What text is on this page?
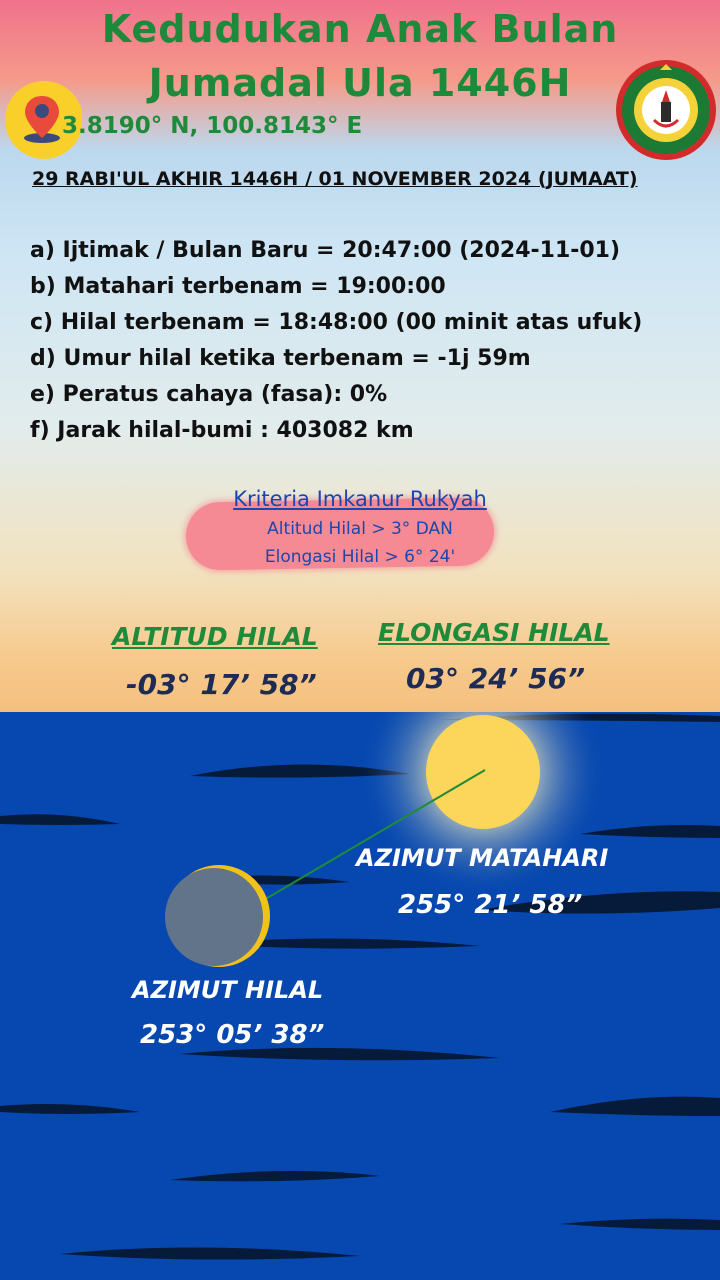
Kedudukan Anak Bulan
Jumadal Ula 1446H
3.8190° N, 100.8143° E
29 RABI'UL AKHIR 1446H / 01 NOVEMBER 2024 (JUMAAT)
a) Ijtimak / Bulan Baru = 20:47:00 (2024-11-01)
b) Matahari terbenam = 19:00:00
c) Hilal terbenam = 18:48:00 (00 minit atas ufuk)
d) Umur hilal ketika terbenam = -1j 59m
e) Peratus cahaya (fasa): 0%
f) Jarak hilal-bumi : 403082 km
Kriteria Imkanur Rukyah
Altitud Hilal > 3° DAN
Elongasi Hilal > 6° 24'
ALTITUD HILAL
-03° 17’ 58”
ELONGASI HILAL
03° 24’ 56”
AZIMUT MATAHARI
255° 21’ 58”
AZIMUT HILAL
253° 05’ 38”
